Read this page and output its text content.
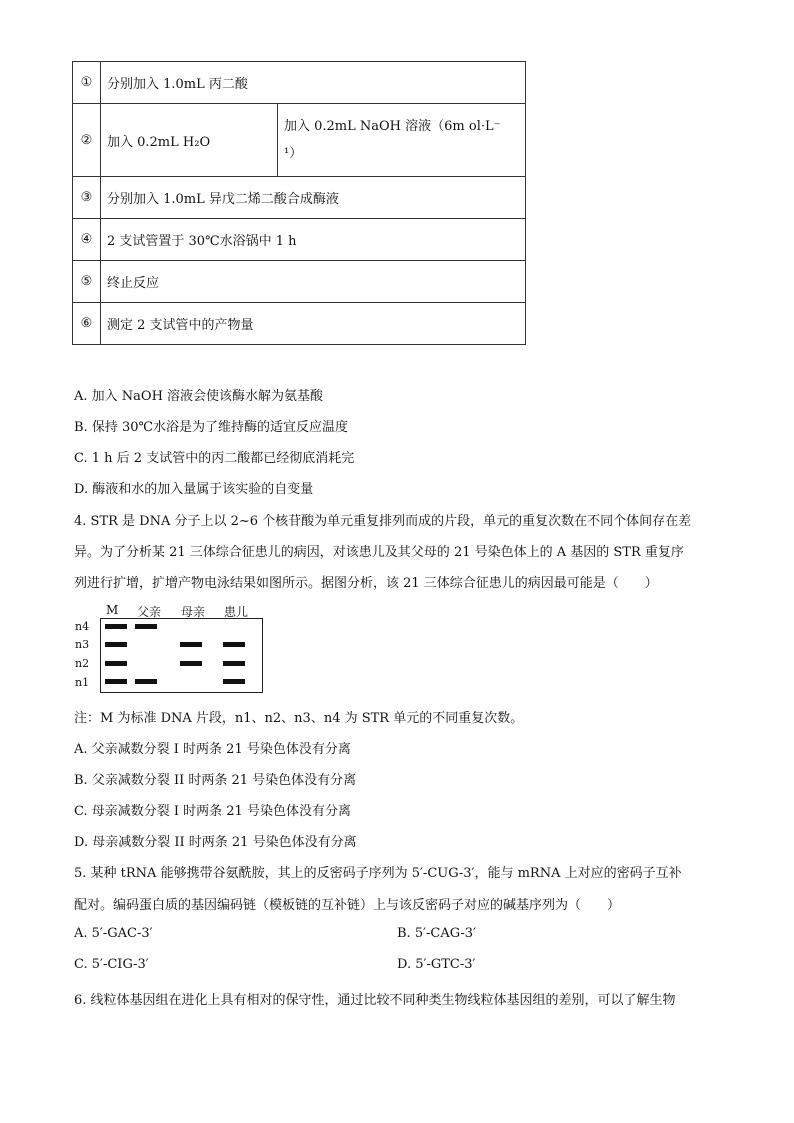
①	分别加入 1.0mL 丙二酸	
②	加入 0.2mL H₂O	加入 0.2mL NaOH 溶液（6m ol·L⁻
¹）

③	分别加入 1.0mL 异戊二烯二酸合成酶液	
④	2 支试管置于 30℃水浴锅中 1 h	
⑤	终止反应	
⑥	测定 2 支试管中的产物量	
A. 加入 NaOH 溶液会使该酶水解为氨基酸
B. 保持 30℃水浴是为了维持酶的适宜反应温度
C. 1 h 后 2 支试管中的丙二酸都已经彻底消耗完
D. 酶液和水的加入量属于该实验的自变量
4. STR 是 DNA 分子上以 2~6 个核苷酸为单元重复排列而成的片段，单元的重复次数在不同个体间存在差
异。为了分析某 21 三体综合征患儿的病因，对该患儿及其父母的 21 号染色体上的 A 基因的 STR 重复序
列进行扩增，扩增产物电泳结果如图所示。据图分析，该 21 三体综合征患儿的病因最可能是（　　）
M 父亲 母亲 患儿
n4
n3
n2
n1
注：M 为标准 DNA 片段，n1、n2、n3、n4 为 STR 单元的不同重复次数。
A. 父亲减数分裂 I 时两条 21 号染色体没有分离
B. 父亲减数分裂 II 时两条 21 号染色体没有分离
C. 母亲减数分裂 I 时两条 21 号染色体没有分离
D. 母亲减数分裂 II 时两条 21 号染色体没有分离
5. 某种 tRNA 能够携带谷氨酰胺，其上的反密码子序列为 5′-CUG-3′，能与 mRNA 上对应的密码子互补
配对。编码蛋白质的基因编码链（模板链的互补链）上与该反密码子对应的碱基序列为（　　）
A. 5′-GAC-3′	B. 5′-CAG-3′
C. 5′-CIG-3′	D. 5′-GTC-3′
6. 线粒体基因组在进化上具有相对的保守性，通过比较不同种类生物线粒体基因组的差别，可以了解生物
